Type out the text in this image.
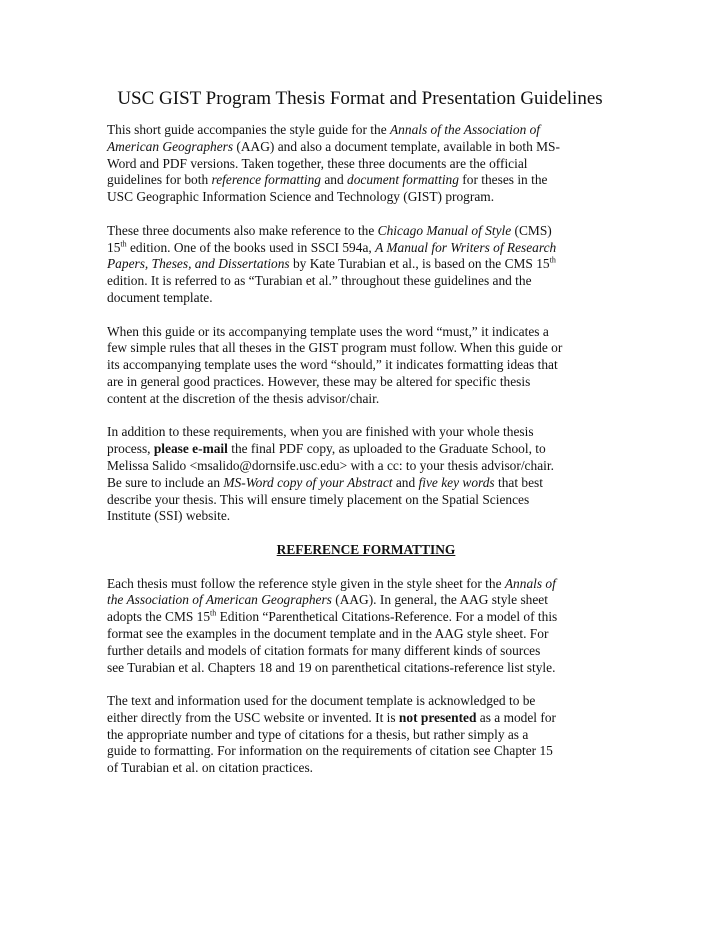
USC GIST Program Thesis Format and Presentation Guidelines
This short guide accompanies the style guide for the Annals of the Association of
American Geographers (AAG) and also a document template, available in both MS-
Word and PDF versions. Taken together, these three documents are the official
guidelines for both reference formatting and document formatting for theses in the
USC Geographic Information Science and Technology (GIST) program.
These three documents also make reference to the Chicago Manual of Style (CMS)
15th edition. One of the books used in SSCI 594a, A Manual for Writers of Research
Papers, Theses, and Dissertations by Kate Turabian et al., is based on the CMS 15th
edition. It is referred to as “Turabian et al.” throughout these guidelines and the
document template.
When this guide or its accompanying template uses the word “must,” it indicates a
few simple rules that all theses in the GIST program must follow. When this guide or
its accompanying template uses the word “should,” it indicates formatting ideas that
are in general good practices. However, these may be altered for specific thesis
content at the discretion of the thesis advisor/chair.
In addition to these requirements, when you are finished with your whole thesis
process, please e-mail the final PDF copy, as uploaded to the Graduate School, to
Melissa Salido <msalido@dornsife.usc.edu> with a cc: to your thesis advisor/chair.
Be sure to include an MS-Word copy of your Abstract and five key words that best
describe your thesis. This will ensure timely placement on the Spatial Sciences
Institute (SSI) website.
REFERENCE FORMATTING
Each thesis must follow the reference style given in the style sheet for the Annals of
the Association of American Geographers (AAG). In general, the AAG style sheet
adopts the CMS 15th Edition “Parenthetical Citations-Reference. For a model of this
format see the examples in the document template and in the AAG style sheet. For
further details and models of citation formats for many different kinds of sources
see Turabian et al. Chapters 18 and 19 on parenthetical citations-reference list style.
The text and information used for the document template is acknowledged to be
either directly from the USC website or invented. It is not presented as a model for
the appropriate number and type of citations for a thesis, but rather simply as a
guide to formatting. For information on the requirements of citation see Chapter 15
of Turabian et al. on citation practices.
